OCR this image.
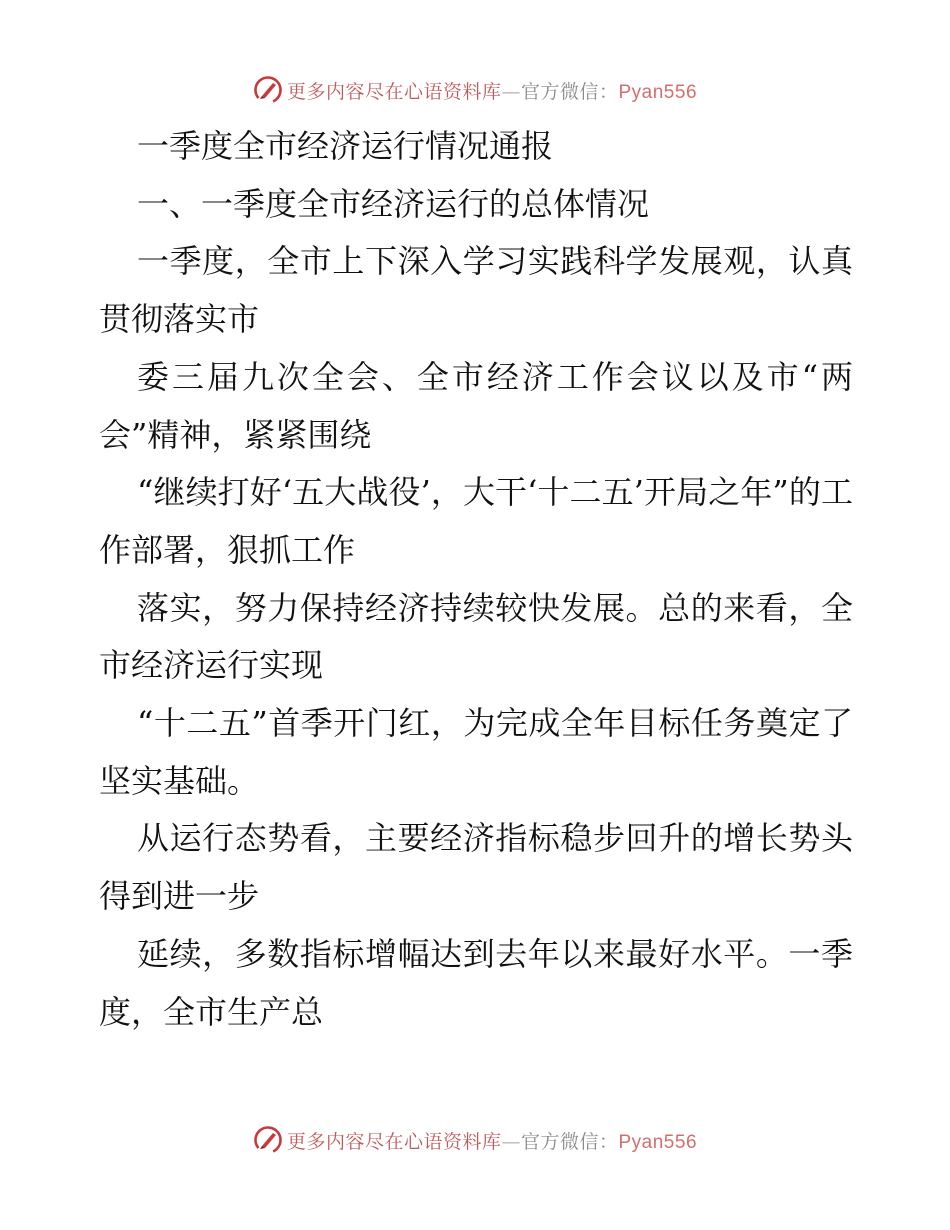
更多内容尽在心语资料库—官方微信：Pyan556

一季度全市经济运行情况通报

一、一季度全市经济运行的总体情况

一季度，全市上下深入学习实践科学发展观，认真贯彻落实市

委三届九次全会、全市经济工作会议以及市“两会”精神，紧紧围绕

“继续打好‘五大战役’，大干‘十二五’开局之年”的工作部署，狠抓工作

落实，努力保持经济持续较快发展。总的来看，全市经济运行实现

“十二五”首季开门红，为完成全年目标任务奠定了坚实基础。

从运行态势看，主要经济指标稳步回升的增长势头得到进一步

延续，多数指标增幅达到去年以来最好水平。一季度，全市生产总

更多内容尽在心语资料库—官方微信：Pyan556
